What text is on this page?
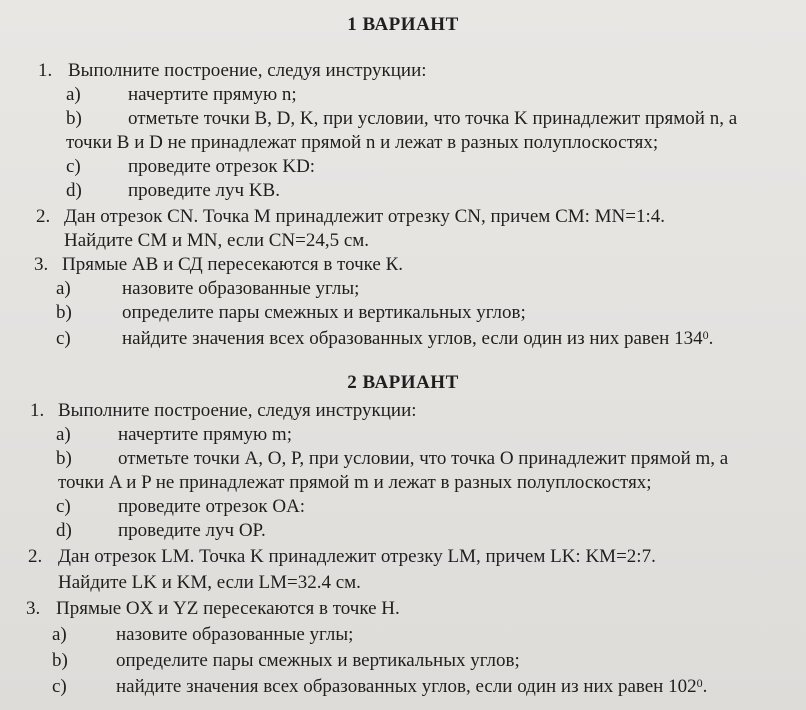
1 ВАРИАНТ
1. Выполните построение, следуя инструкции:
a) начертите прямую n;
b) отметьте точки B, D, K, при условии, что точка K принадлежит прямой n, а
точки B и D не принадлежат прямой n и лежат в разных полуплоскостях;
c) проведите отрезок KD:
d) проведите луч KB.
2. Дан отрезок CN. Точка M принадлежит отрезку CN, причем CM: MN=1:4.
Найдите CM и MN, если CN=24,5 см.
3. Прямые AB и СД пересекаются в точке К.
a)	назовите образованные углы;
b)	определите пары смежных и вертикальных углов;
c)	найдите значения всех образованных углов, если один из них равен $134^0$.
2 ВАРИАНТ
1. Выполните построение, следуя инструкции:
a) начертите прямую m;
b) отметьте точки A, O, P, при условии, что точка O принадлежит прямой m, а
точки A и P не принадлежат прямой m и лежат в разных полуплоскостях;
c) проведите отрезок OA:
d) проведите луч OP.
2. Дан отрезок LM. Точка K принадлежит отрезку LM, причем LK: KM=2:7.
Найдите LK и KM, если LM=32.4 см.
3. Прямые OX и YZ пересекаются в точке H.
a)	назовите образованные углы;
b)	определите пары смежных и вертикальных углов;
c)	найдите значения всех образованных углов, если один из них равен $102^0$.
